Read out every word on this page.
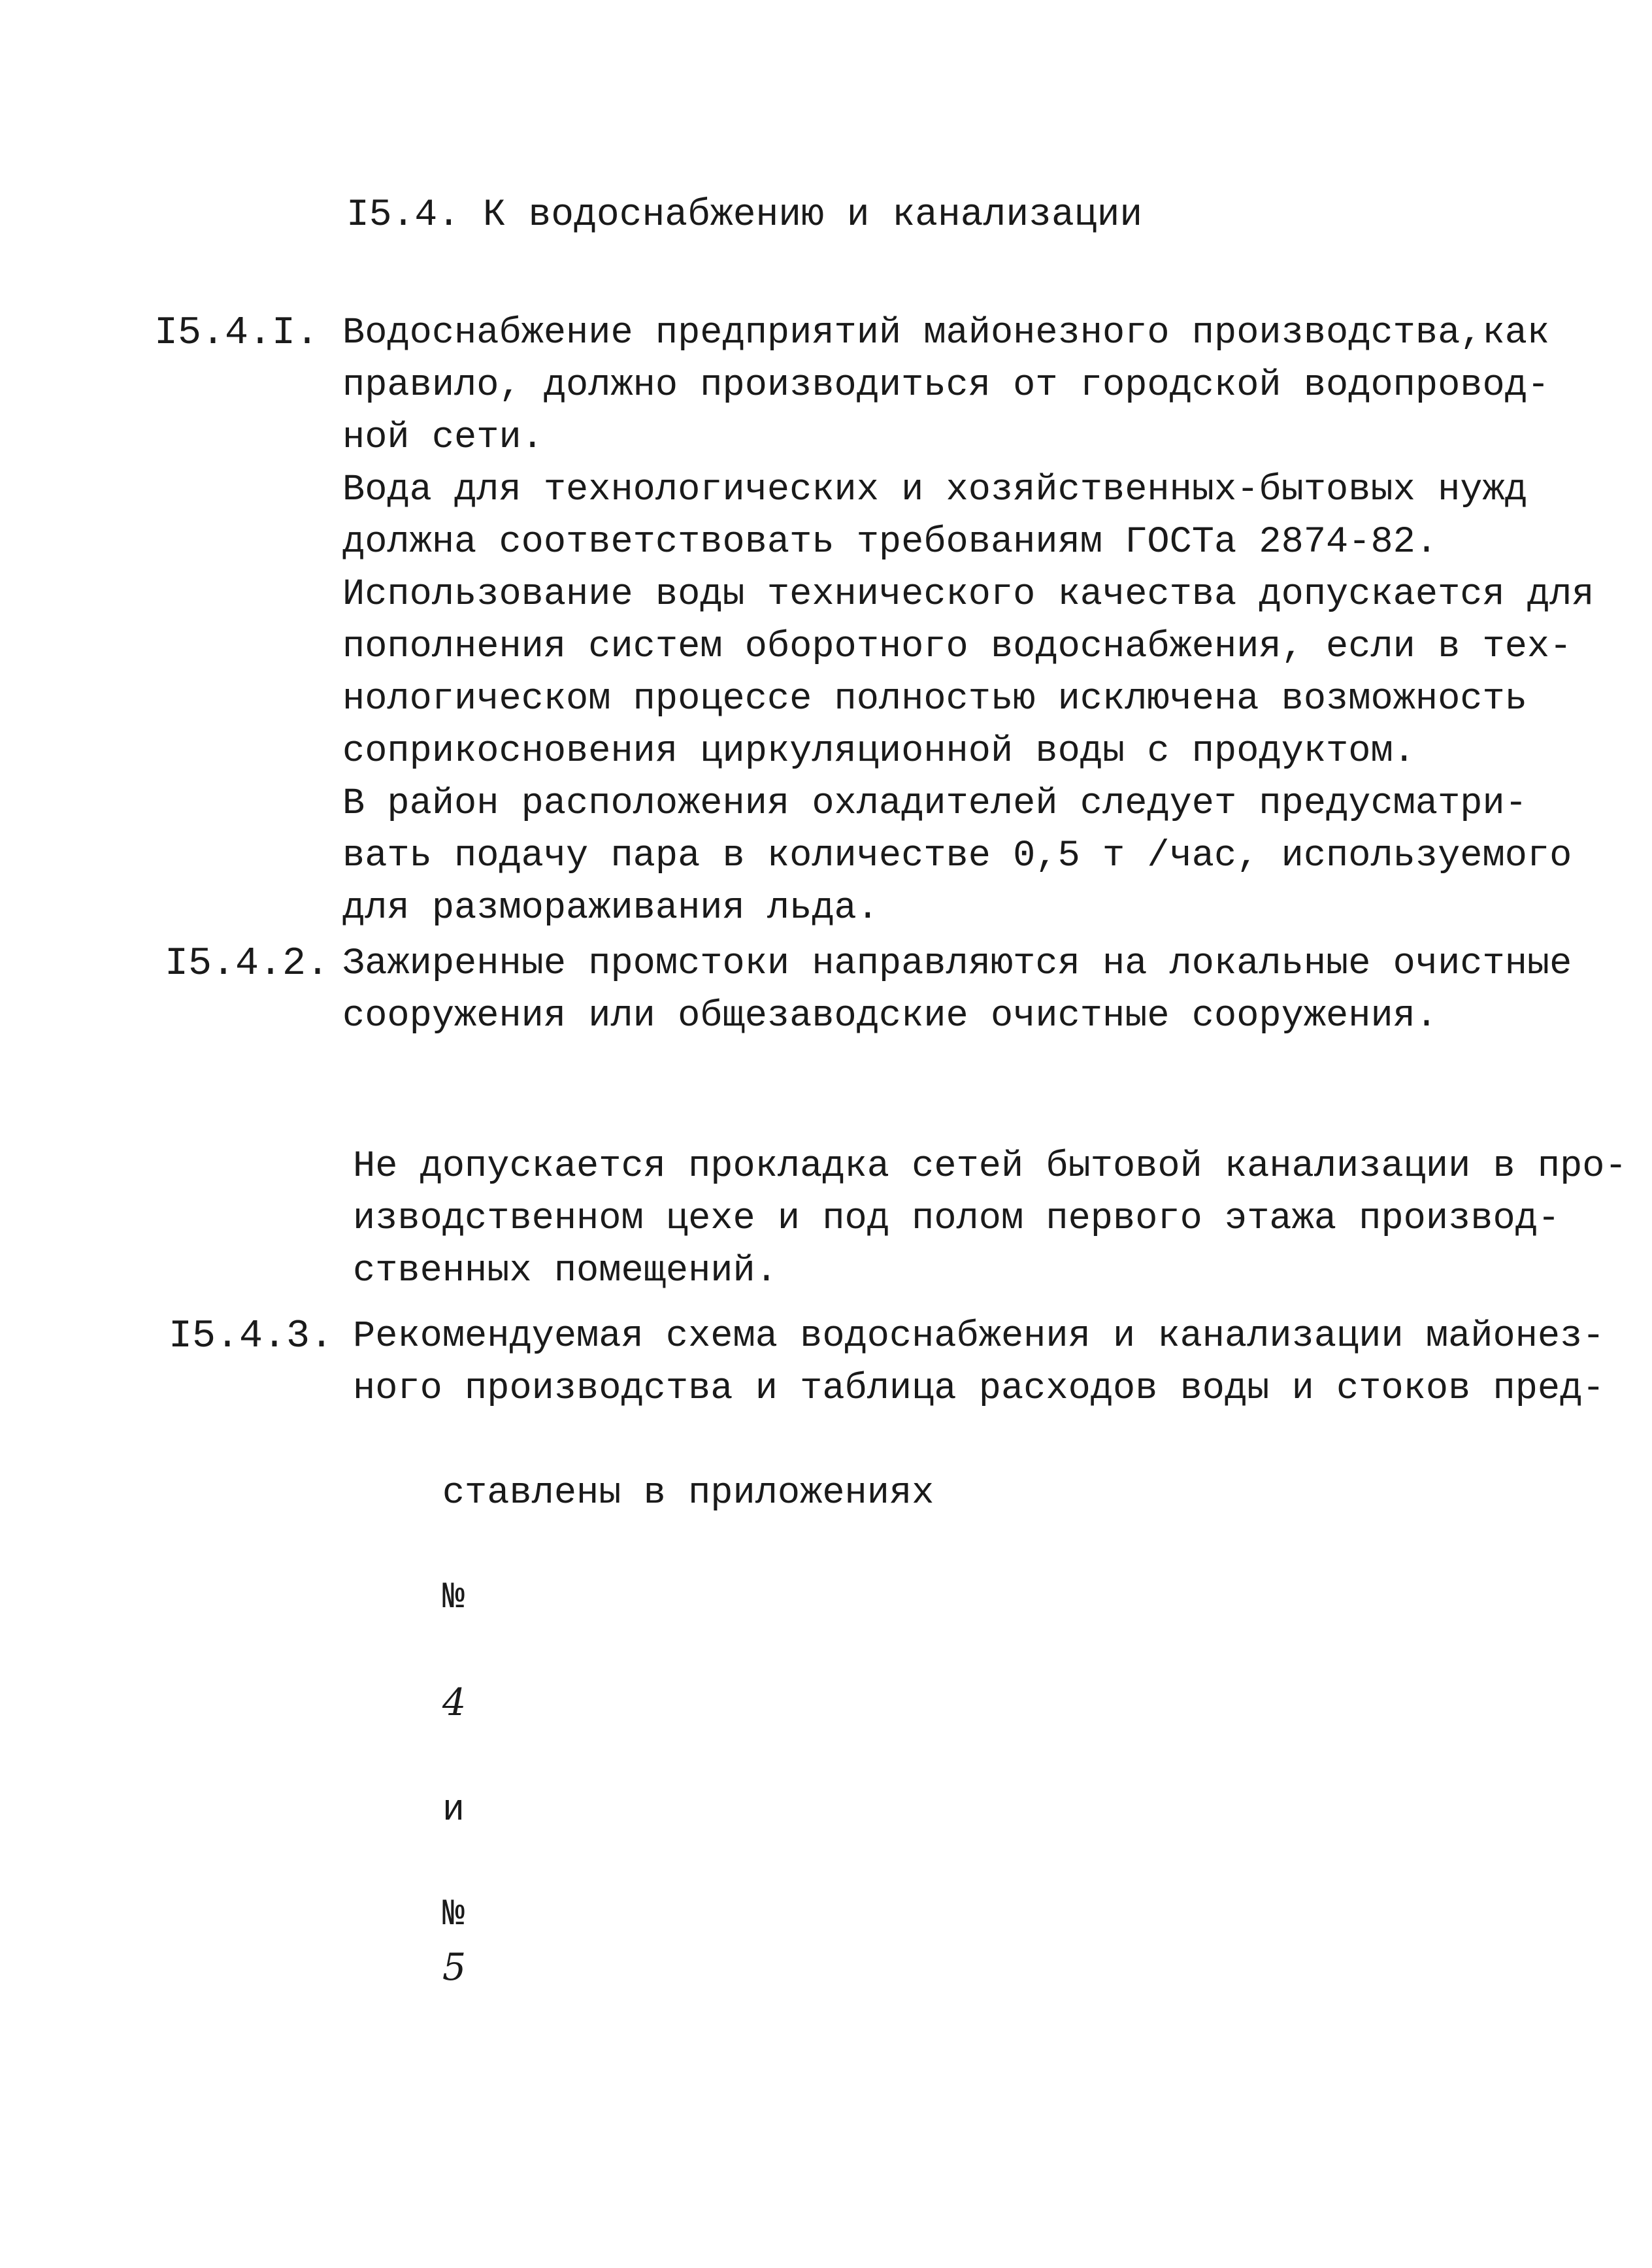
І5.4. К водоснабжению и канализации
І5.4.І. Водоснабжение предприятий майонезного производства,как
правило, должно производиться от городской водопровод-
ной сети.
Вода для технологических и хозяйственных-бытовых нужд
должна соответствовать требованиям ГОСТа 2874-82.
Использование воды технического качества допускается для
пополнения систем оборотного водоснабжения, если в тех-
нологическом процессе полностью исключена возможность
соприкосновения циркуляционной воды с продуктом.
В район расположения охладителей следует предусматри-
вать подачу пара в количестве 0,5 т /час, используемого
для размораживания льда.
І5.4.2. Зажиренные промстоки направляются на локальные очистные
сооружения или общезаводские очистные сооружения.
Не допускается прокладка сетей бытовой канализации в про-
изводственном цехе и под полом первого этажа производ-
ственных помещений.
І5.4.3. Рекомендуемая схема водоснабжения и канализации майонез-
ного производства и таблица расходов воды и стоков пред-

ставлены в приложениях

№

4

и

№
5
